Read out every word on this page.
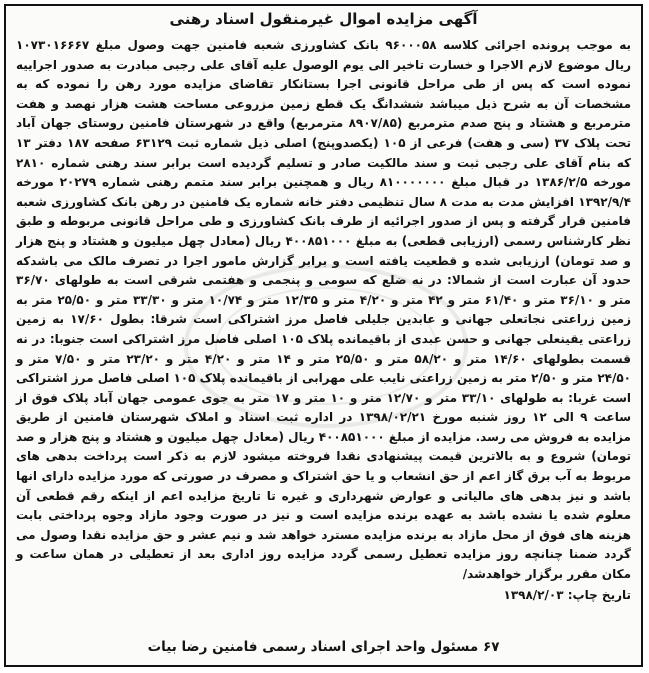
آگهی مزایده اموال غیرمنقول اسناد رهنی
به موجب پرونده اجرائی کلاسه ۹۶۰۰۰۵۸ بانک کشاورزی شعبه فامنین جهت وصول مبلغ ۱۰۷۳۰۱۶۶۶۷ ریال موضوع لازم الاجرا و خسارت تاخیر الی یوم الوصول علیه آقای علی رجبی مبادرت به صدور اجراییه نموده است که پس از طی مراحل قانونی اجرا بستانکار تقاضای مزایده مورد رهن را نموده که به مشخصات آن به شرح ذیل میباشد ششدانگ یک قطع زمین مزروعی مساحت هشت هزار نهصد و هفت مترمربع و هشتاد و پنج صدم مترمربع (۸۹۰۷/۸۵ مترمربع) واقع در شهرستان فامنین روستای جهان آباد تحت پلاک ۳۷ (سی و هفت) فرعی از ۱۰۵ (یکصدوپنج) اصلی ذیل شماره ثبت ۶۳۱۲۹ صفحه ۱۸۷ دفتر ۱۳ که بنام آقای علی رجبی ثبت و سند مالکیت صادر و تسلیم گردیده است برابر سند رهنی شماره ۲۸۱۰ مورخه ۱۳۸۶/۲/۵ در قبال مبلغ ۸۱۰۰۰۰۰۰۰ ریال و همچنین برابر سند متمم رهنی شماره ۲۰۲۷۹ مورخه ۱۳۹۲/۹/۴ افزایش مدت به مدت ۸ سال تنظیمی دفتر خانه شماره یک فامنین در رهن بانک کشاورزی شعبه فامنین قرار گرفته و پس از صدور اجرائیه از طرف بانک کشاورزی و طی مراحل قانونی مربوطه و طبق نظر کارشناس رسمی (ارزیابی قطعی) به مبلغ ۴۰۰۸۵۱۰۰۰ ریال (معادل چهل میلیون و هشتاد و پنج هزار و صد تومان) ارزیابی شده و قطعیت یافته است و برابر گزارش مامور اجرا در تصرف مالک می باشدکه حدود آن عبارت است از شمالا: در نه ضلع که سومی و پنجمی و هفتمی شرقی است به طولهای ۳۶/۷۰ متر و ۳۶/۱۰ متر و ۶۱/۴۰ متر و ۴۲ متر و ۴/۲۰ متر و ۱۲/۳۵ متر و ۱۰/۷۴ متر و ۳۳/۳۰ متر و ۲۵/۵۰ متر به زمین زراعتی نجاتعلی جهانی و عابدین جلیلی فاصل مرز اشتراکی است شرقا: بطول ۱۷/۶۰ به زمین زراعتی یقینعلی جهانی و حسن عبدی از باقیمانده پلاک ۱۰۵ اصلی فاصل مرز اشتراکی است جنوبا: در نه قسمت بطولهای ۱۴/۶۰ متر و ۵۸/۲۰ متر و ۲۵/۵۰ متر و ۱۴ متر و ۴/۲۰ متر و ۲۳/۲۰ متر و ۷/۵۰ متر و ۲۴/۵۰ متر و ۲/۵۰ متر به زمین زراعتی نایب علی مهرابی از باقیمانده پلاک ۱۰۵ اصلی فاصل مرز اشتراکی است غربا: به طولهای ۳۳/۱۰ متر و ۱۲/۷۰ متر و ۱۰ متر و ۱۷ متر به جوی عمومی جهان آباد پلاک فوق از ساعت ۹ الی ۱۲ روز شنبه مورخ ۱۳۹۸/۰۲/۲۱ در اداره ثبت اسناد و املاک شهرستان فامنین از طریق مزایده به فروش می رسد. مزایده از مبلغ ۴۰۰۸۵۱۰۰۰ ریال (معادل چهل میلیون و هشتاد و پنج هزار و صد تومان) شروع و به بالاترین قیمت پیشنهادی نقدا فروخته میشود لازم به ذکر است پرداخت بدهی های مربوط به آب برق گاز اعم از حق انشعاب و یا حق اشتراک و مصرف در صورتی که مورد مزایده دارای انها باشد و نیز بدهی های مالیاتی و عوارض شهرداری و غیره تا تاریخ مزایده اعم از اینکه رقم قطعی آن معلوم شده یا نشده باشد به عهده برنده مزایده است و نیز در صورت وجود مازاد وجوه پرداختی بابت هزینه های فوق از محل مازاد به برنده مزایده مسترد خواهد شد و نیم عشر و حق مزایده نقدا وصول می گردد ضمنا چنانچه روز مزایده تعطیل رسمی گردد مزایده روز اداری بعد از تعطیلی در همان ساعت و مکان مقرر برگزار خواهدشد/
تاریخ چاپ: ۱۳۹۸/۲/۰۳
۶۷ مسئول واحد اجرای اسناد رسمی فامنین رضا بیات
